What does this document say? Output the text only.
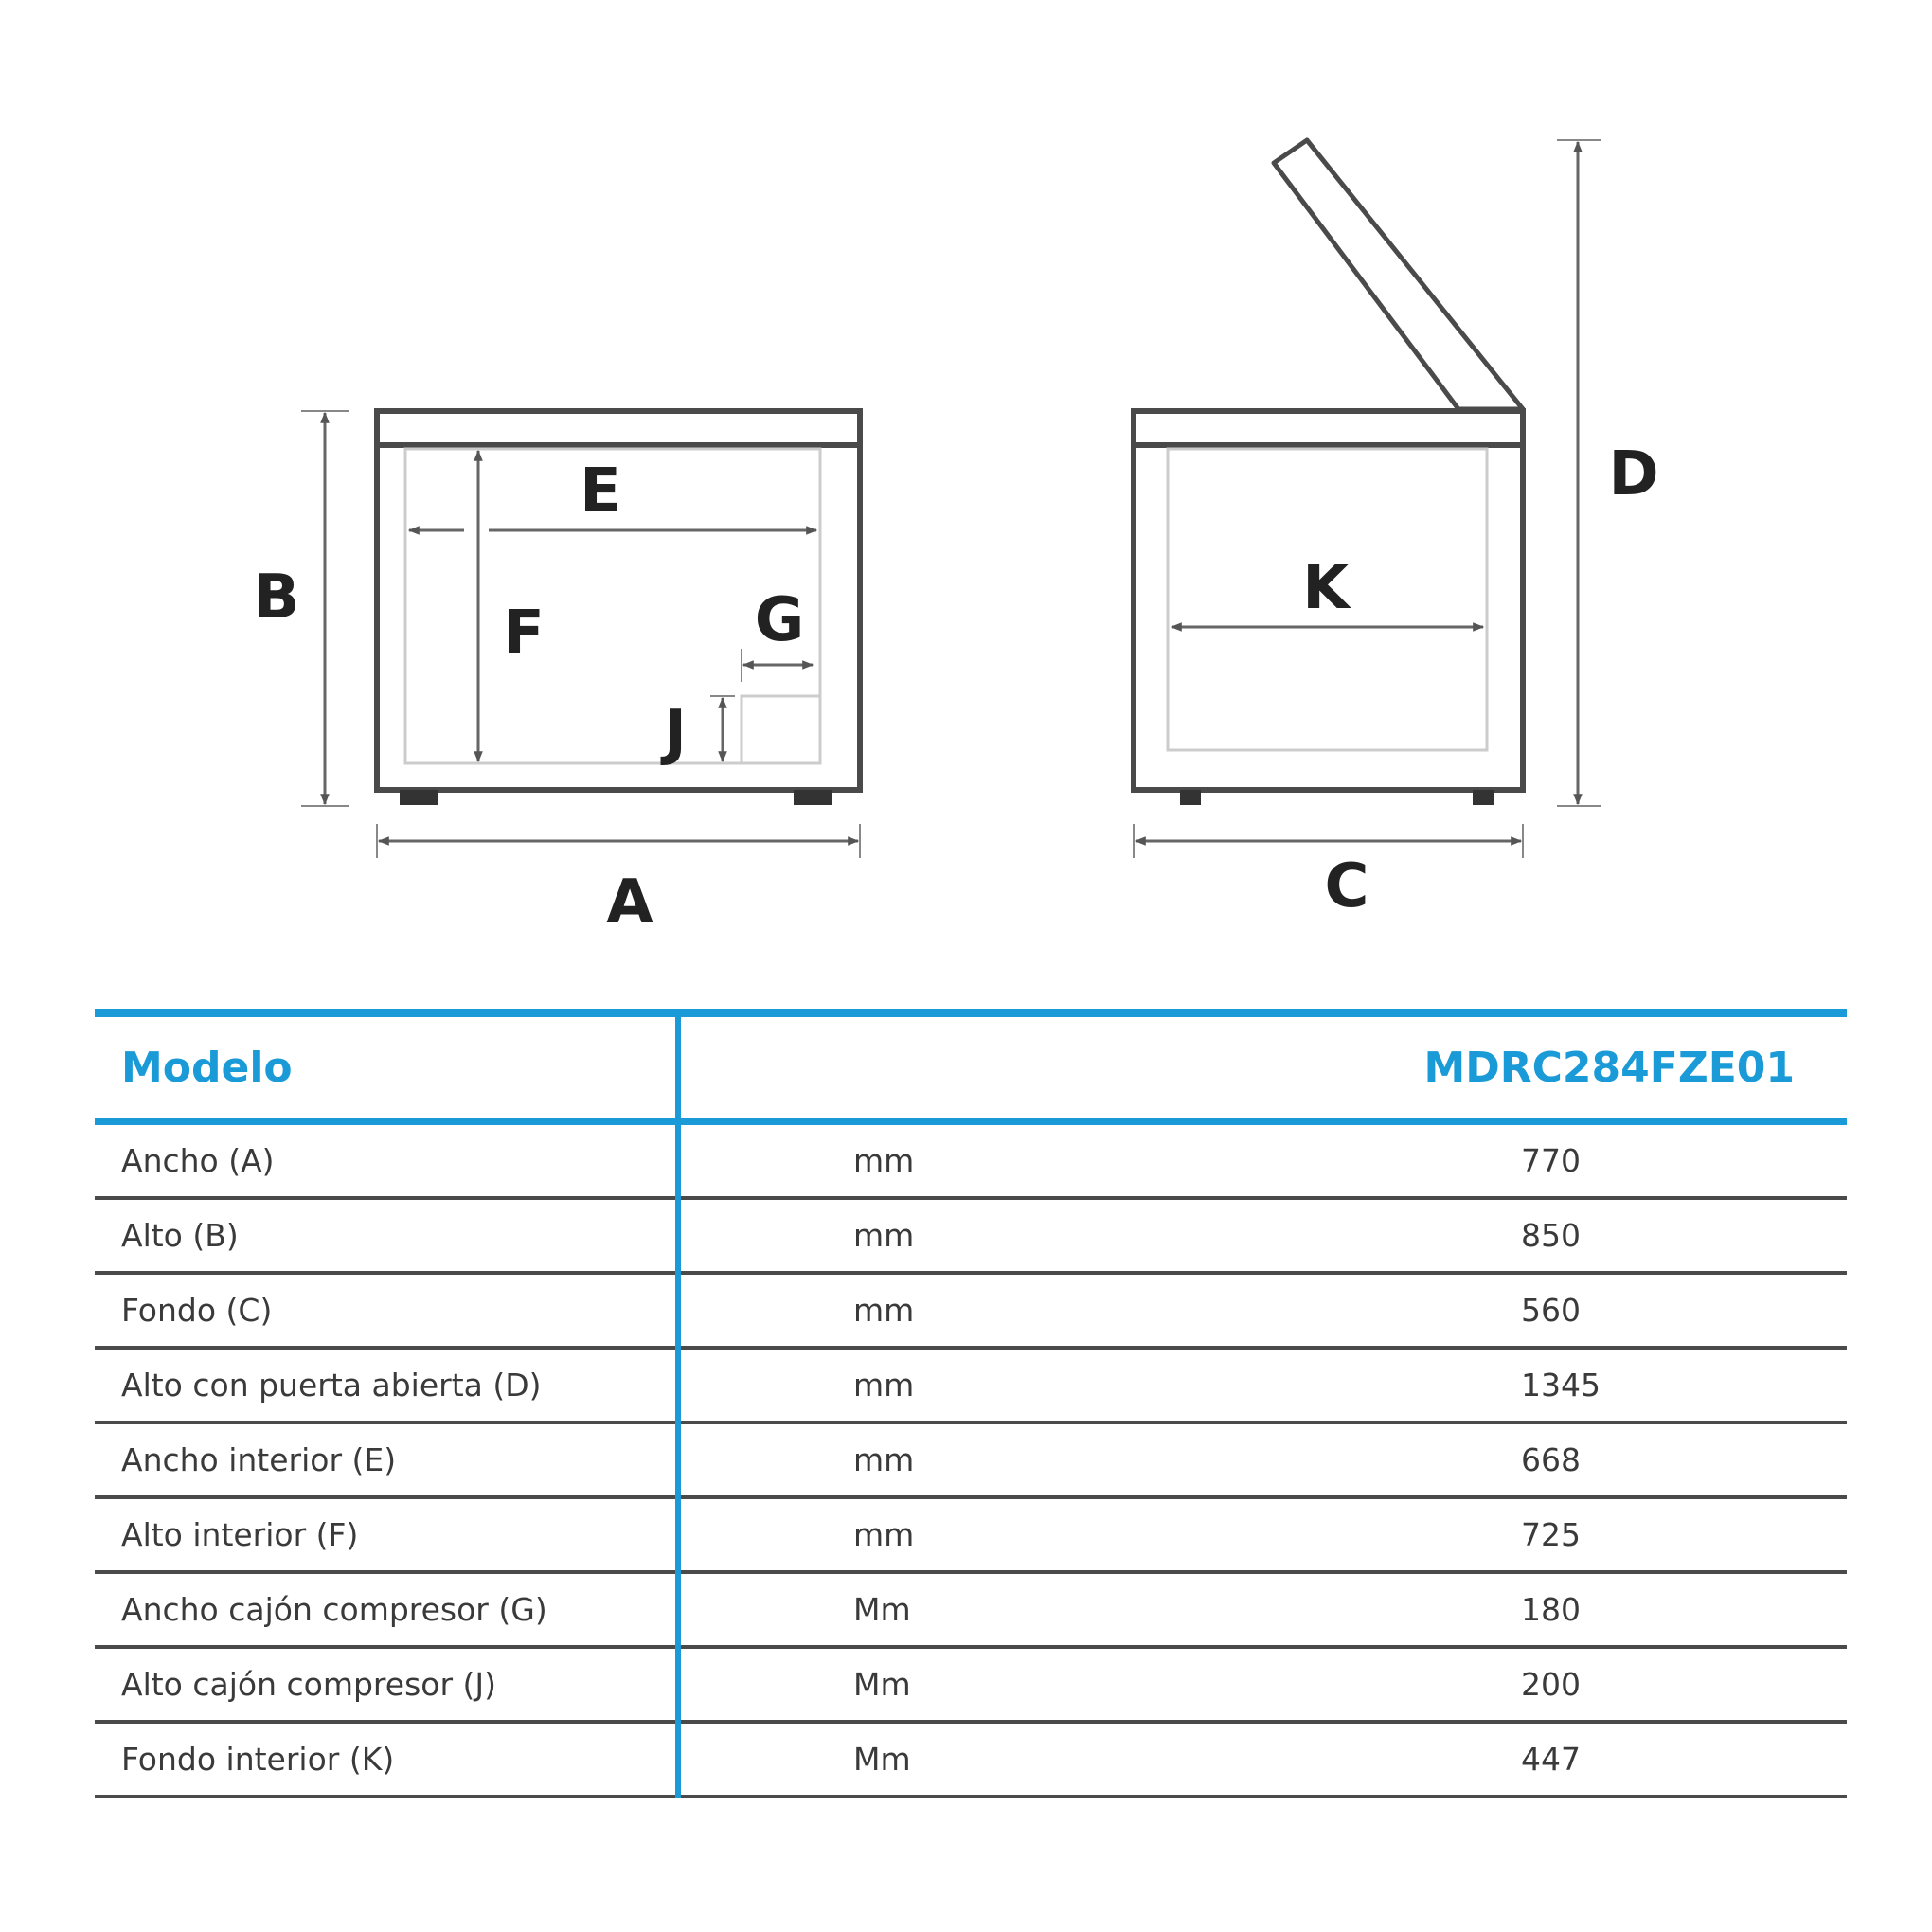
B
A
E
F	G
J
K
C
D
Modelo	MDRC284FZE01	
Ancho (A)	mm	770
Alto (B)	mm	850
Fondo (C)	mm	560
Alto con puerta abierta (D)	mm	1345
Ancho interior (E)	mm	668
Alto interior (F)	mm	725
Ancho cajón compresor (G)	Mm	180
Alto cajón compresor (J)	Mm	200
Fondo interior (K)	Mm	447
